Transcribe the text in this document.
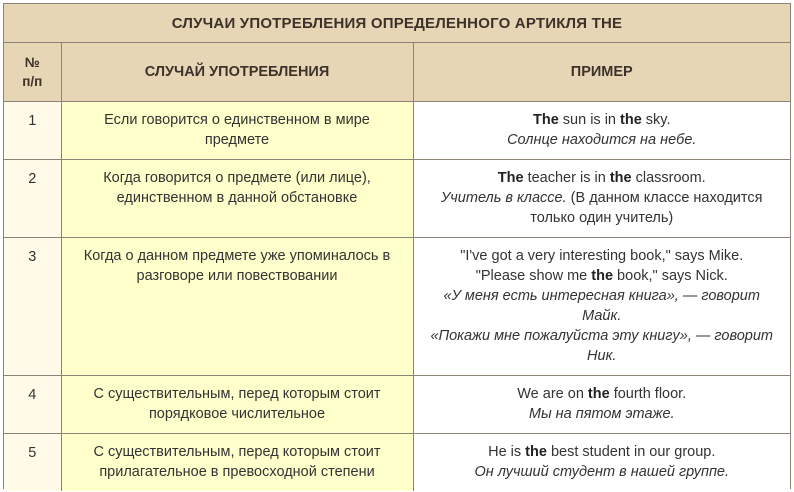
СЛУЧАИ УПОТРЕБЛЕНИЯ ОПРЕДЕЛЕННОГО АРТИКЛЯ THE
№
п/п	СЛУЧАЙ УПОТРЕБЛЕНИЯ	ПРИМЕР
1	Если говорится о единственном в мире предмете	The sun is in the sky.
Солнце находится на небе.

2	Когда говорится о предмете (или лице), единственном в данной обстановке	The teacher is in the classroom.
Учитель в классе. (В данном классе находится только один учитель)

3	Когда о данном предмете уже упоминалось в разговоре или повествовании	"I've got a very interesting book," says Mike.
"Please show me the book," says Nick.
«У меня есть интересная книга», — говорит Майк.
«Покажи мне пожалуйста эту книгу», — говорит Ник.

4	С существительным, перед которым стоит порядковое числительное	We are on the fourth floor.
Мы на пятом этаже.

5	С существительным, перед которым стоит прилагательное в превосходной степени	He is the best student in our group.
Он лучший студент в нашей группе.
